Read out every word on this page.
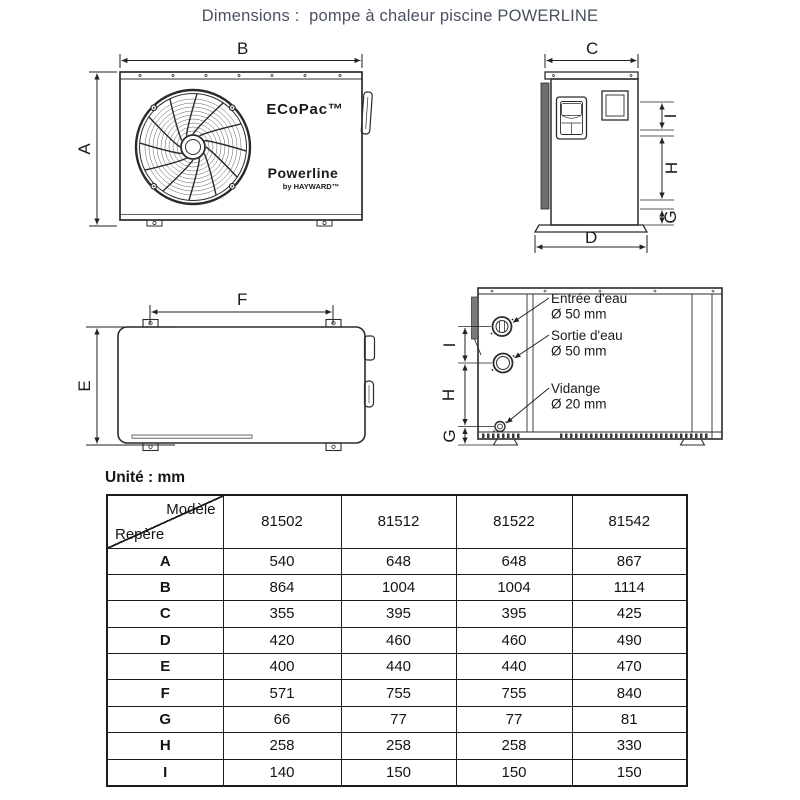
Dimensions :  pompe à chaleur piscine POWERLINE
B
ECoPac™
Powerline
by HAYWARD™
A
C
D
I
H
G
F
E
I
H
G
Entrée d'eau
Ø 50 mm
Sortie d'eau
Ø 50 mm
Vidange
Ø 20 mm
Unité : mm
Modèle
Repère	81502	81512	81522	81542
A	540	648	648	867
B	864	1004	1004	1114
C	355	395	395	425
D	420	460	460	490
E	400	440	440	470
F	571	755	755	840
G	66	77	77	81
H	258	258	258	330
I	140	150	150	150
